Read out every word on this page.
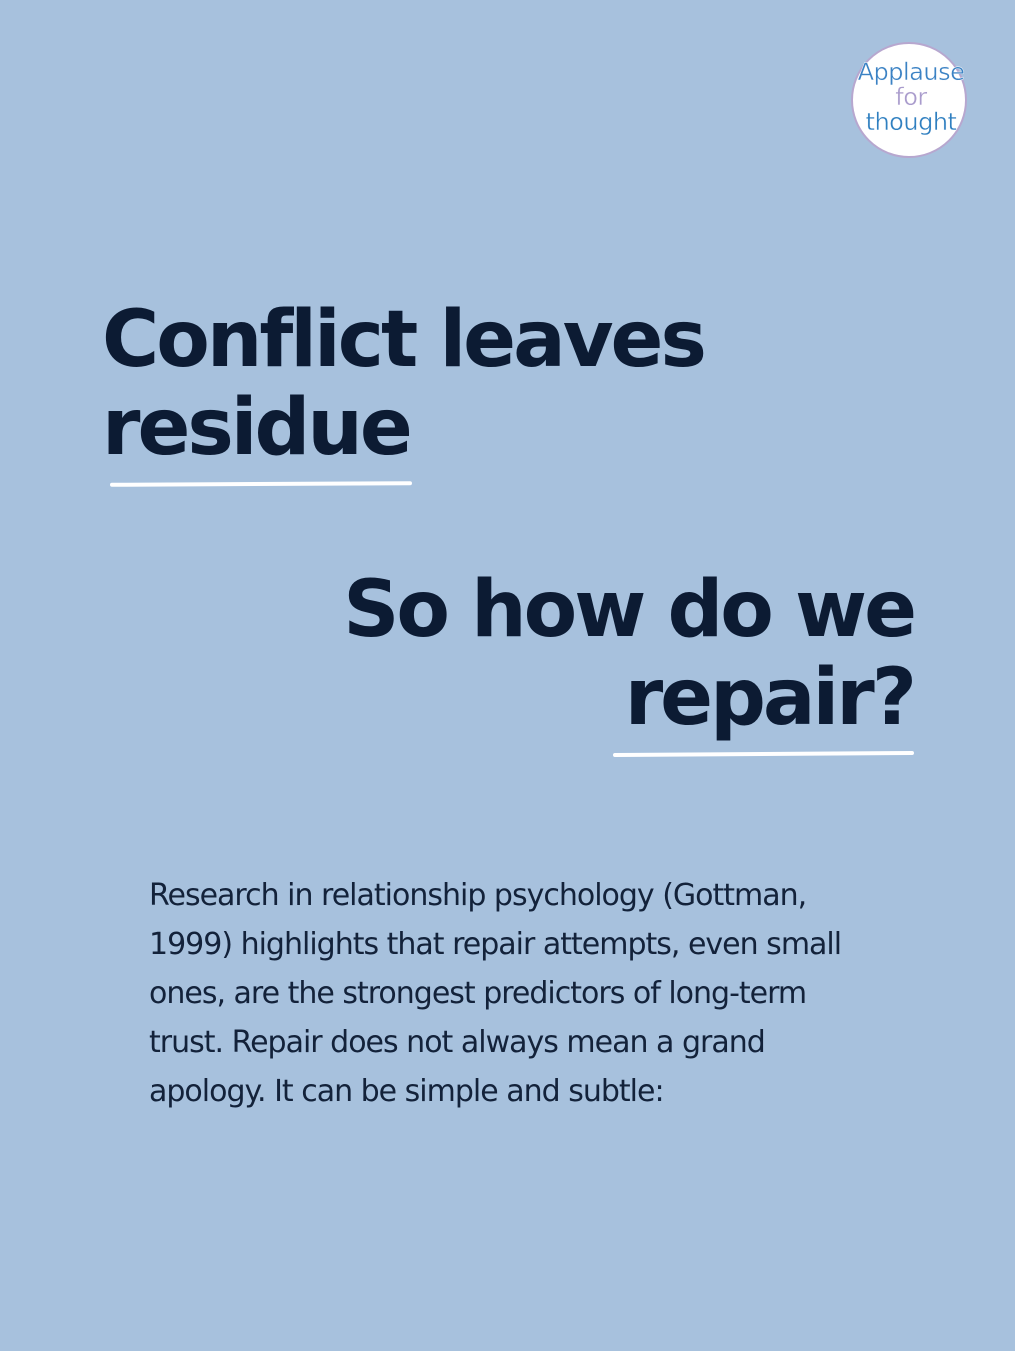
Applause
for
thought
Conflict leaves
residue
So how do we
repair?

Research in relationship psychology (Gottman,
1999) highlights that repair attempts, even small
ones, are the strongest predictors of long-term
trust. Repair does not always mean a grand
apology. It can be simple and subtle:
